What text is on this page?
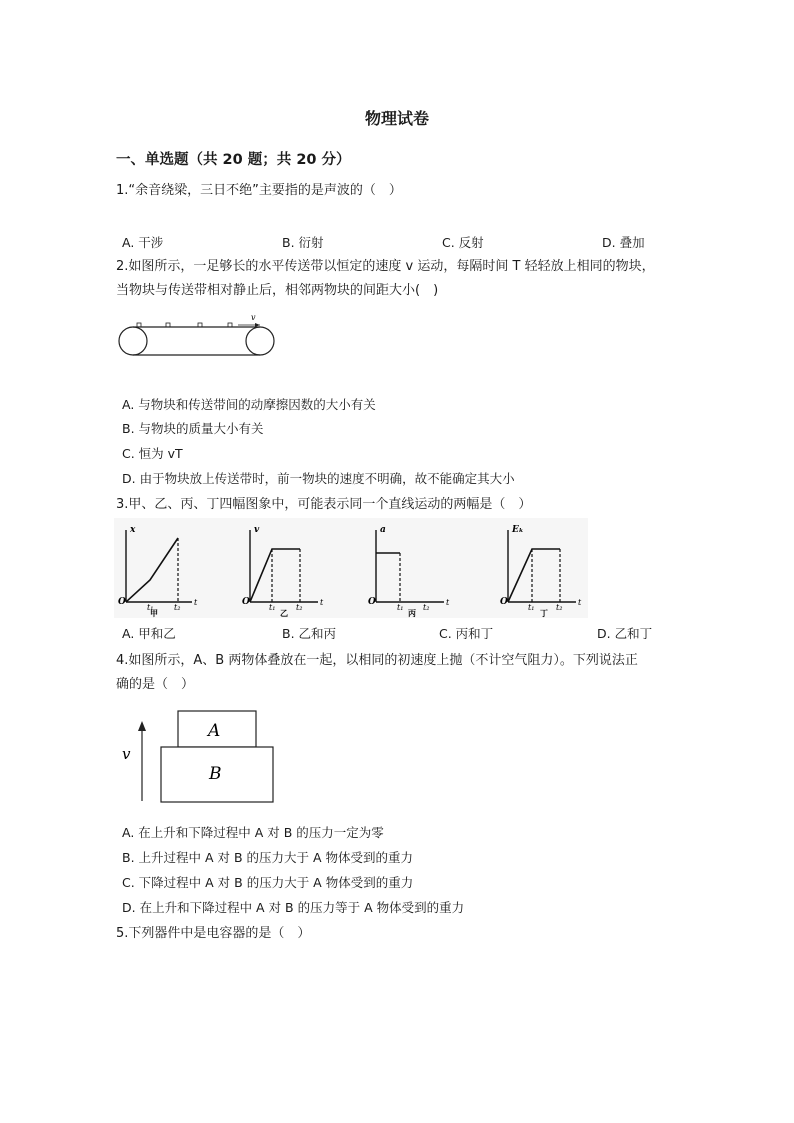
物理试卷
一、单选题（共 20 题；共 20 分）
1.“余音绕梁，三日不绝”主要指的是声波的（　）
A. 干涉	B. 衍射	C. 反射	D. 叠加
2.如图所示，一足够长的水平传送带以恒定的速度 v 运动，每隔时间 T 轻轻放上相同的物块，
当物块与传送带相对静止后，相邻两物块的间距大小(　)
v
A. 与物块和传送带间的动摩擦因数的大小有关
B. 与物块的质量大小有关
C. 恒为 vT
D. 由于物块放上传送带时，前一物块的速度不明确，故不能确定其大小
3.甲、乙、丙、丁四幅图象中，可能表示同一个直线运动的两幅是（　）
x
O
t₁	t₂
t
甲
v
O
t₁	t₂
t
乙
a
O
t₁ t₂
t
丙
Eₖ
O
t₁	t₂
t
丁
A. 甲和乙	B. 乙和丙	C. 丙和丁	D. 乙和丁
4.如图所示，A、B 两物体叠放在一起，以相同的初速度上抛（不计空气阻力）。下列说法正
确的是（　）
v
A
B
A. 在上升和下降过程中 A 对 B 的压力一定为零
B. 上升过程中 A 对 B 的压力大于 A 物体受到的重力
C. 下降过程中 A 对 B 的压力大于 A 物体受到的重力
D. 在上升和下降过程中 A 对 B 的压力等于 A 物体受到的重力
5.下列器件中是电容器的是（　）
